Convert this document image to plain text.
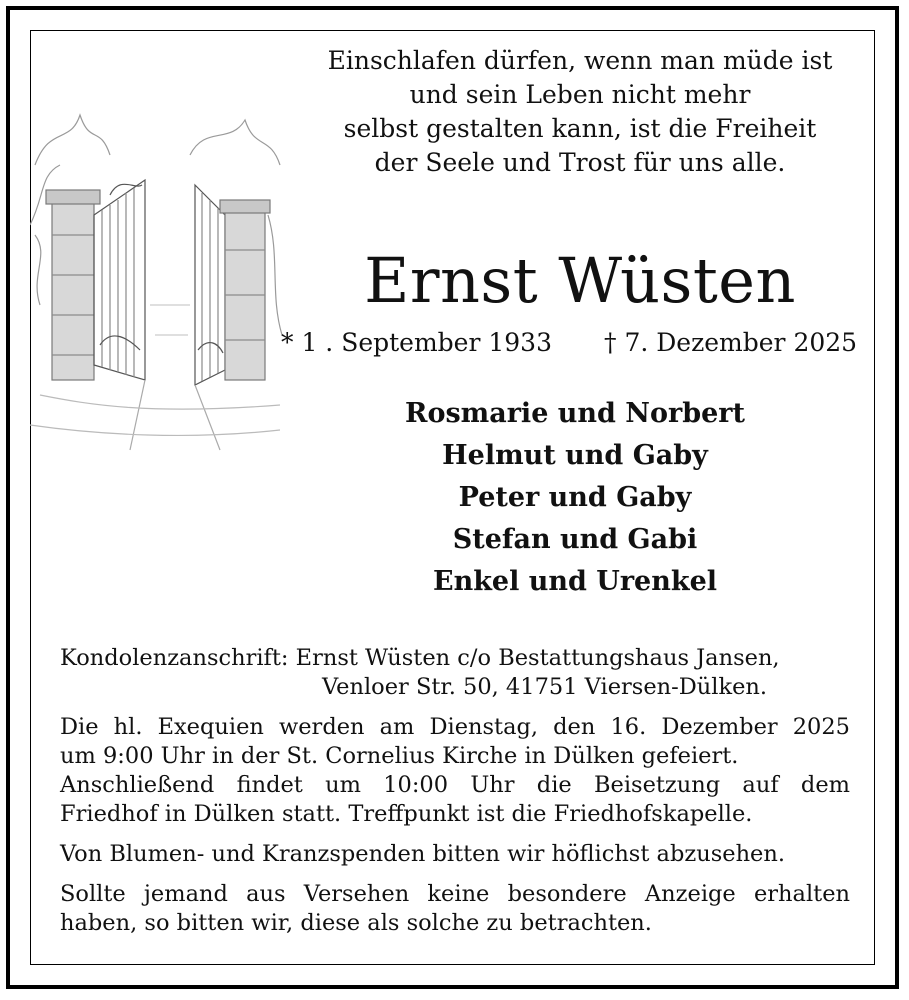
Einschlafen dürfen, wenn man müde ist
und sein Leben nicht mehr
selbst gestalten kann, ist die Freiheit
der Seele und Trost für uns alle.
Ernst Wüsten
* 1 . September 1933 † 7. Dezember 2025
Rosmarie und Norbert
Helmut und Gaby
Peter und Gaby
Stefan und Gabi
Enkel und Urenkel
Kondolenzanschrift: Ernst Wüsten c/o Bestattungshaus Jansen,
Venloer Str. 50, 41751 Viersen-Dülken.
Die hl. Exequien werden am Dienstag, den 16. Dezember 2025
um 9:00 Uhr in der St. Cornelius Kirche in Dülken gefeiert.
Anschließend findet um 10:00 Uhr die Beisetzung auf dem
Friedhof in Dülken statt. Treffpunkt ist die Friedhofskapelle.
Von Blumen- und Kranzspenden bitten wir höflichst abzusehen.
Sollte jemand aus Versehen keine besondere Anzeige erhalten
haben, so bitten wir, diese als solche zu betrachten.
